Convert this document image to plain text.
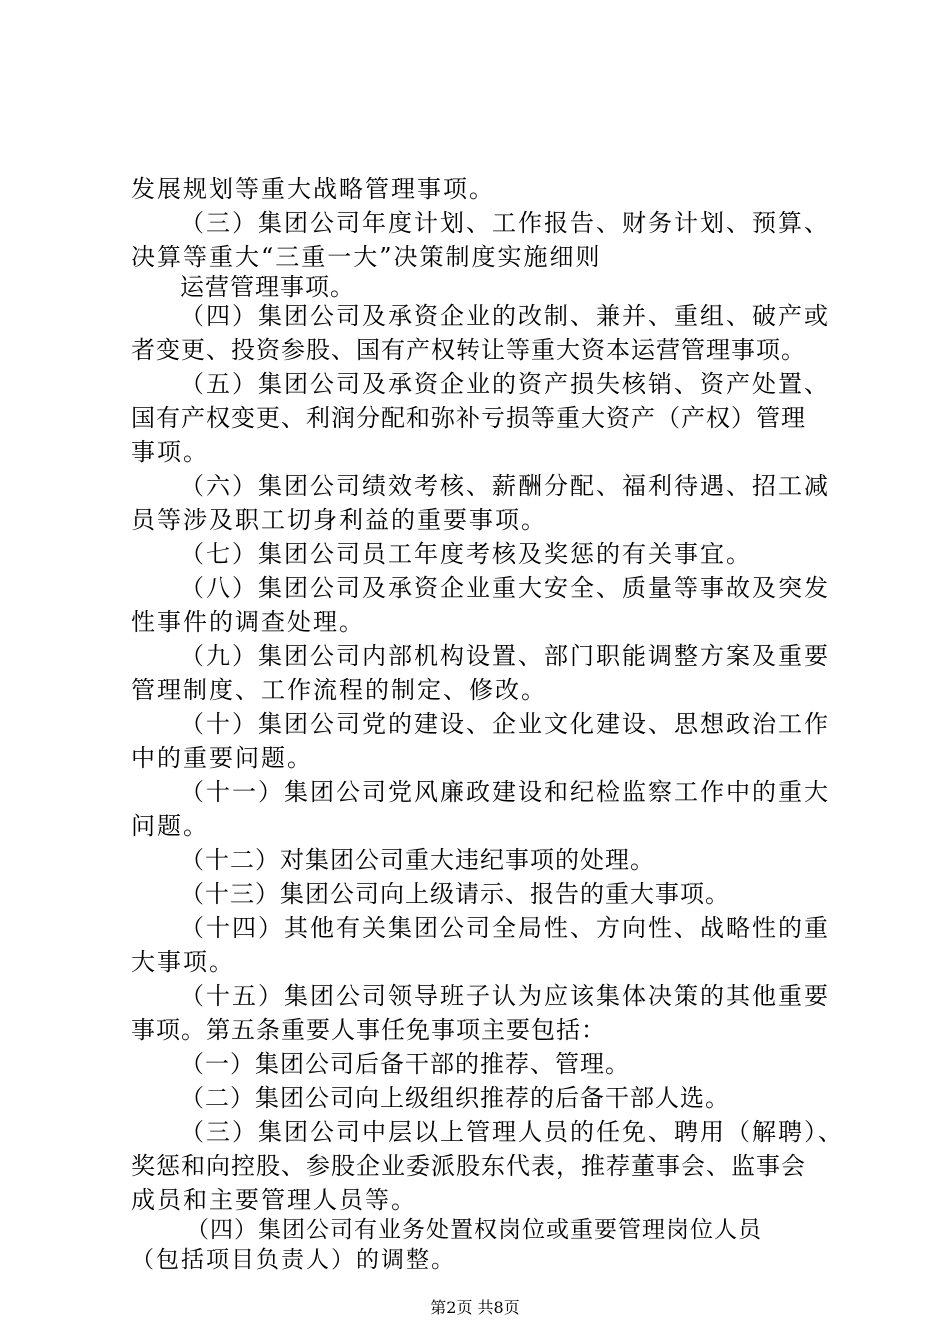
发展规划等重大战略管理事项。
（三）集团公司年度计划、工作报告、财务计划、预算、
决算等重大“三重一大”决策制度实施细则
运营管理事项。
（四）集团公司及承资企业的改制、兼并、重组、破产或
者变更、投资参股、国有产权转让等重大资本运营管理事项。
（五）集团公司及承资企业的资产损失核销、资产处置、
国有产权变更、利润分配和弥补亏损等重大资产（产权）管理
事项。
（六）集团公司绩效考核、薪酬分配、福利待遇、招工减
员等涉及职工切身利益的重要事项。
（七）集团公司员工年度考核及奖惩的有关事宜。
（八）集团公司及承资企业重大安全、质量等事故及突发
性事件的调查处理。
（九）集团公司内部机构设置、部门职能调整方案及重要
管理制度、工作流程的制定、修改。
（十）集团公司党的建设、企业文化建设、思想政治工作
中的重要问题。
（十一）集团公司党风廉政建设和纪检监察工作中的重大
问题。
（十二）对集团公司重大违纪事项的处理。
（十三）集团公司向上级请示、报告的重大事项。
（十四）其他有关集团公司全局性、方向性、战略性的重
大事项。
（十五）集团公司领导班子认为应该集体决策的其他重要
事项。第五条重要人事任免事项主要包括：
（一）集团公司后备干部的推荐、管理。
（二）集团公司向上级组织推荐的后备干部人选。
（三）集团公司中层以上管理人员的任免、聘用（解聘）、
奖惩和向控股、参股企业委派股东代表，推荐董事会、监事会
成员和主要管理人员等。
（四）集团公司有业务处置权岗位或重要管理岗位人员
（包括项目负责人）的调整。
第2页 共8页
